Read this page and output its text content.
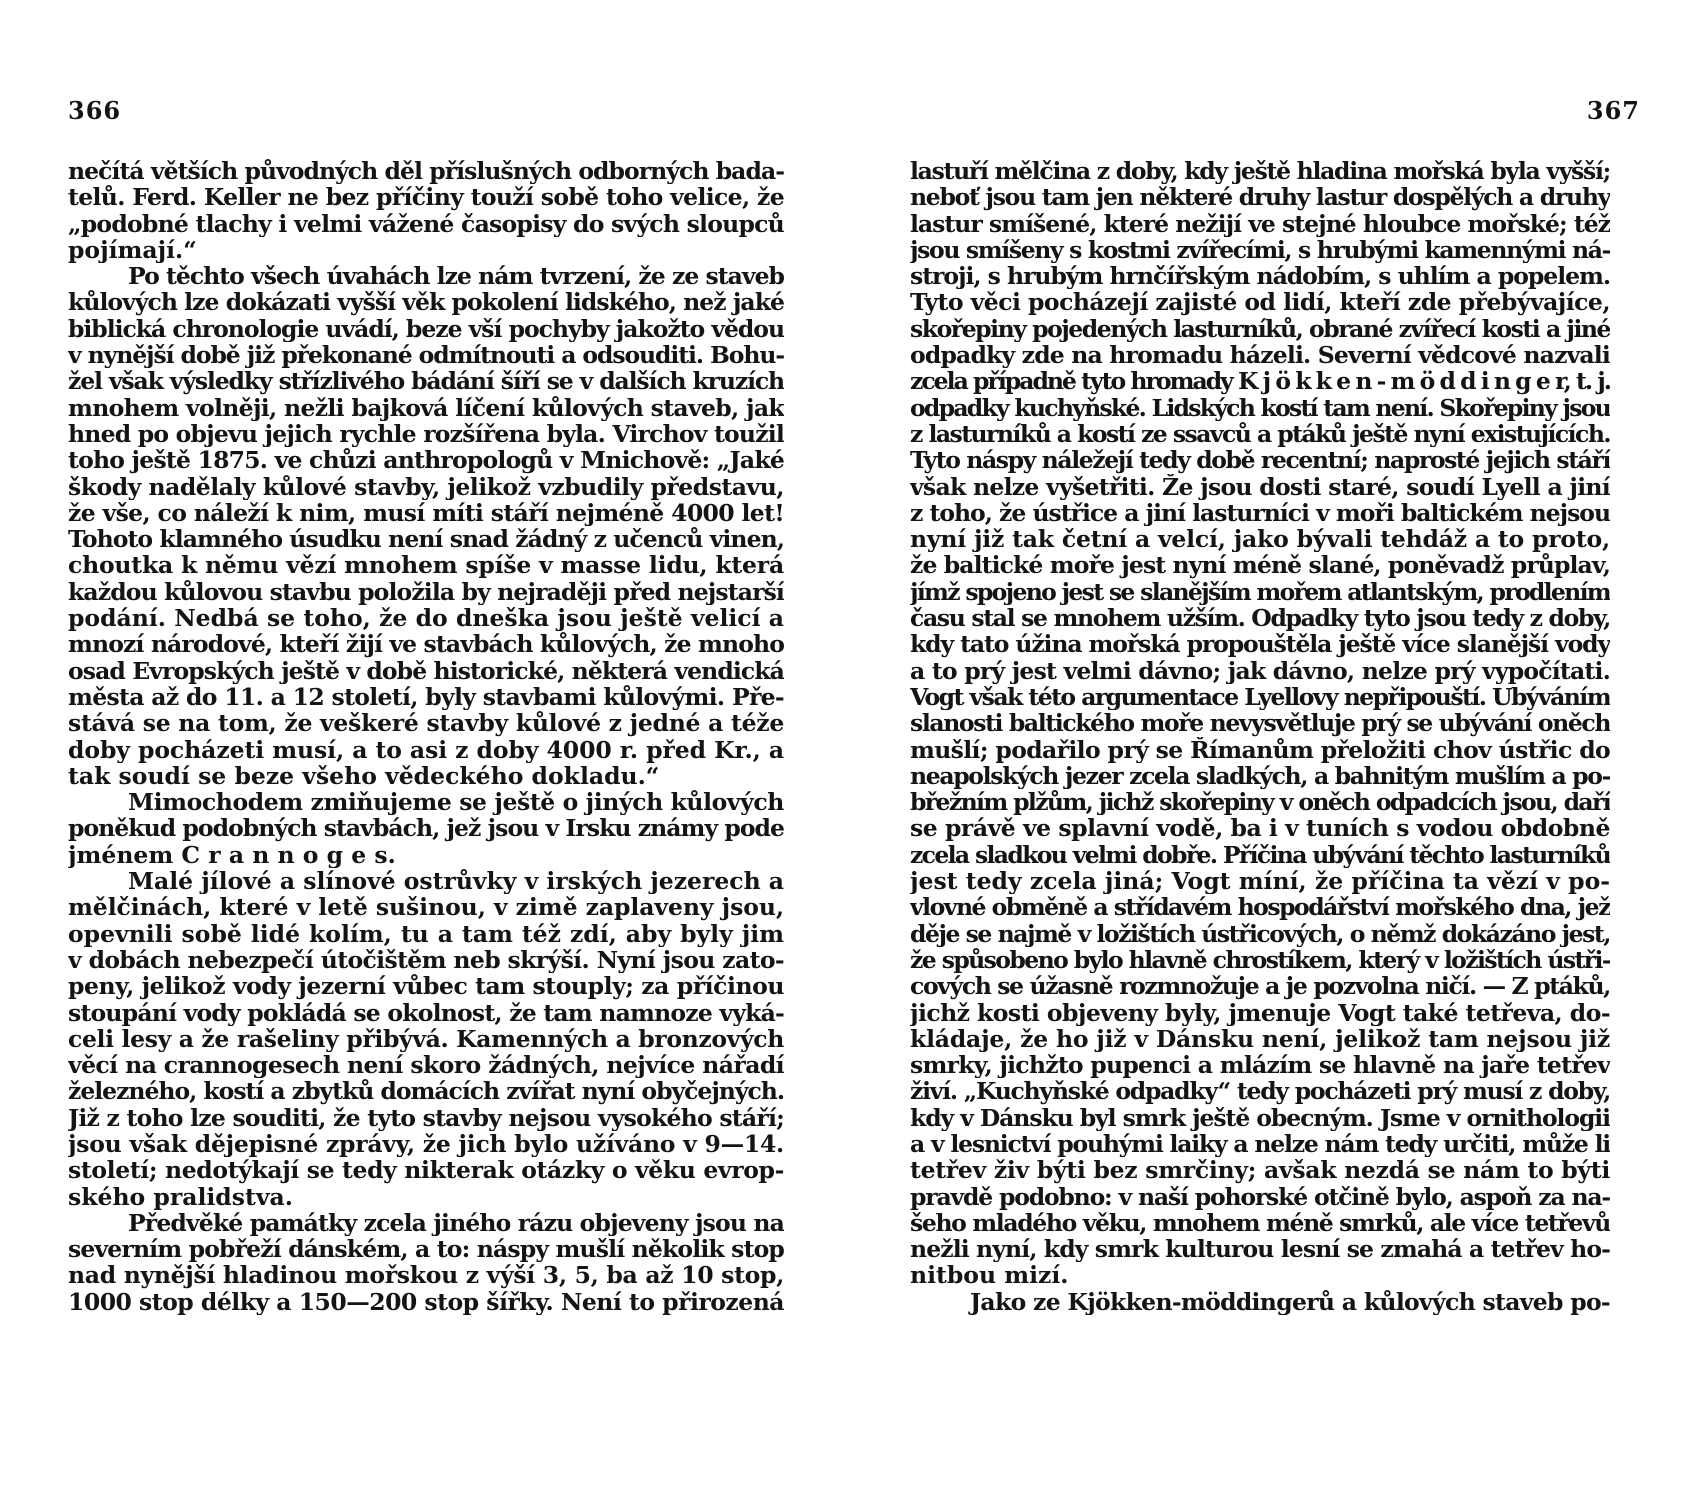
366
nečítá větších původných děl příslušných odborných bada-
telů. Ferd. Keller ne bez příčiny touží sobě toho velice, že
„podobné tlachy i velmi vážené časopisy do svých sloupců
pojímají.“
Po těchto všech úvahách lze nám tvrzení, že ze staveb
kůlových lze dokázati vyšší věk pokolení lidského, než jaké
biblická chronologie uvádí, beze vší pochyby jakožto vědou
v nynější době již překonané odmítnouti a odsouditi. Bohu-
žel však výsledky střízlivého bádání šíří se v dalších kruzích
mnohem volněji, nežli bajková líčení kůlových staveb, jak
hned po objevu jejich rychle rozšířena byla. Virchov toužil
toho ještě 1875. ve chůzi anthropologů v Mnichově: „Jaké
škody nadělaly kůlové stavby, jelikož vzbudily představu,
že vše, co náleží k nim, musí míti stáří nejméně 4000 let!
Tohoto klamného úsudku není snad žádný z učenců vinen,
choutka k němu vězí mnohem spíše v masse lidu, která
každou kůlovou stavbu položila by nejraději před nejstarší
podání. Nedbá se toho, že do dneška jsou ještě velicí a
mnozí národové, kteří žijí ve stavbách kůlových, že mnoho
osad Evropských ještě v době historické, některá vendická
města až do 11. a 12 století, byly stavbami kůlovými. Pře-
stává se na tom, že veškeré stavby kůlové z jedné a téže
doby pocházeti musí, a to asi z doby 4000 r. před Kr., a
tak soudí se beze všeho vědeckého dokladu.“
Mimochodem zmiňujeme se ještě o jiných kůlových
poněkud podobných stavbách, jež jsou v Irsku známy pode
jménem C r a n n o g e s.
Malé jílové a slínové ostrůvky v irských jezerech a
mělčinách, které v letě sušinou, v zimě zaplaveny jsou,
opevnili sobě lidé kolím, tu a tam též zdí, aby byly jim
v dobách nebezpečí útočištěm neb skrýší. Nyní jsou zato-
peny, jelikož vody jezerní vůbec tam stouply; za příčinou
stoupání vody pokládá se okolnost, že tam namnoze vyká-
celi lesy a že rašeliny přibývá. Kamenných a bronzových
věcí na crannogesech není skoro žádných, nejvíce nářadí
železného, kostí a zbytků domácích zvířat nyní obyčejných.
Již z toho lze souditi, že tyto stavby nejsou vysokého stáří;
jsou však dějepisné zprávy, že jich bylo užíváno v 9—14.
století; nedotýkají se tedy nikterak otázky o věku evrop-
ského pralidstva.
Předvěké památky zcela jiného rázu objeveny jsou na
severním pobřeží dánském, a to: náspy mušlí několik stop
nad nynější hladinou mořskou z výší 3, 5, ba až 10 stop,
1000 stop délky a 150—200 stop šířky. Není to přirozená
367
lastuří mělčina z doby, kdy ještě hladina mořská byla vyšší;
neboť jsou tam jen některé druhy lastur dospělých a druhy
lastur smíšené, které nežijí ve stejné hloubce mořské; též
jsou smíšeny s kostmi zvířecími, s hrubými kamennými ná-
stroji, s hrubým hrnčířským nádobím, s uhlím a popelem.
Tyto věci pocházejí zajisté od lidí, kteří zde přebývajíce,
skořepiny pojedených lasturníků, obrané zvířecí kosti a jiné
odpadky zde na hromadu házeli. Severní vědcové nazvali
zcela případně tyto hromady K j ö k k e n - m ö d d i n g e r, t. j.
odpadky kuchyňské. Lidských kostí tam není. Skořepiny jsou
z lasturníků a kostí ze ssavců a ptáků ještě nyní existujících.
Tyto náspy náležejí tedy době recentní; naprosté jejich stáří
však nelze vyšetřiti. Že jsou dosti staré, soudí Lyell a jiní
z toho, že ústřice a jiní lasturníci v moři baltickém nejsou
nyní již tak četní a velcí, jako bývali tehdáž a to proto,
že baltické moře jest nyní méně slané, poněvadž průplav,
jímž spojeno jest se slanějším mořem atlantským, prodlením
času stal se mnohem užším. Odpadky tyto jsou tedy z doby,
kdy tato úžina mořská propouštěla ještě více slanější vody
a to prý jest velmi dávno; jak dávno, nelze prý vypočítati.
Vogt však této argumentace Lyellovy nepřipouští. Ubýváním
slanosti baltického moře nevysvětluje prý se ubývání oněch
mušlí; podařilo prý se Římanům přeložiti chov ústřic do
neapolských jezer zcela sladkých, a bahnitým mušlím a po-
břežním plžům, jichž skořepiny v oněch odpadcích jsou, daří
se právě ve splavní vodě, ba i v tuních s vodou obdobně
zcela sladkou velmi dobře. Příčina ubývání těchto lasturníků
jest tedy zcela jiná; Vogt míní, že příčina ta vězí v po-
vlovné obměně a střídavém hospodářství mořského dna, jež
děje se najmě v ložištích ústřicových, o němž dokázáno jest,
že spůsobeno bylo hlavně chrostíkem, který v ložištích ústři-
cových se úžasně rozmnožuje a je pozvolna ničí. — Z ptáků,
jichž kosti objeveny byly, jmenuje Vogt také tetřeva, do-
kládaje, že ho již v Dánsku není, jelikož tam nejsou již
smrky, jichžto pupenci a mlázím se hlavně na jaře tetřev
živí. „Kuchyňské odpadky“ tedy pocházeti prý musí z doby,
kdy v Dánsku byl smrk ještě obecným. Jsme v ornithologii
a v lesnictví pouhými laiky a nelze nám tedy určiti, může li
tetřev živ býti bez smrčiny; avšak nezdá se nám to býti
pravdě podobno: v naší pohorské otčině bylo, aspoň za na-
šeho mladého věku, mnohem méně smrků, ale více tetřevů
nežli nyní, kdy smrk kulturou lesní se zmahá a tetřev ho-
nitbou mizí.
Jako ze Kjökken-möddingerů a kůlových staveb po-
